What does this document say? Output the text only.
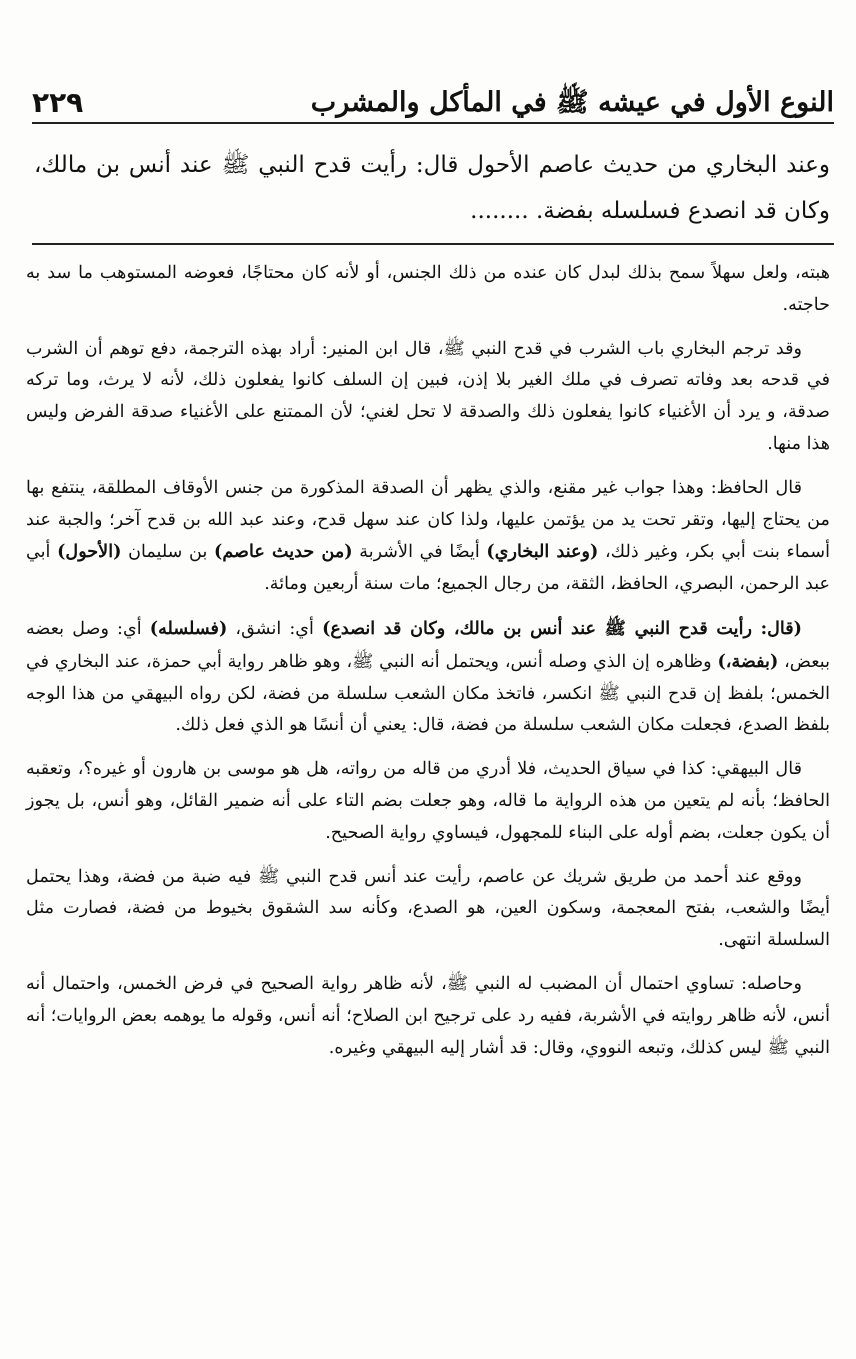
النوع الأول في عيشه ﷺ في المأكل والمشرب
٢٢٩

وعند البخاري من حديث عاصم الأحول قال: رأيت قدح النبي ﷺ عند أنس بن مالك، وكان قد انصدع فسلسله بفضة. ........

هبته، ولعل سهلاً سمح بذلك لبدل كان عنده من ذلك الجنس، أو لأنه كان محتاجًا، فعوضه المستوهب ما سد به حاجته.

وقد ترجم البخاري باب الشرب في قدح النبي ﷺ، قال ابن المنير: أراد بهذه الترجمة، دفع توهم أن الشرب في قدحه بعد وفاته تصرف في ملك الغير بلا إذن، فبين إن السلف كانوا يفعلون ذلك، لأنه لا يرث، وما تركه صدقة، و يرد أن الأغنياء كانوا يفعلون ذلك والصدقة لا تحل لغني؛ لأن الممتنع على الأغنياء صدقة الفرض وليس هذا منها.

قال الحافظ: وهذا جواب غير مقنع، والذي يظهر أن الصدقة المذكورة من جنس الأوقاف المطلقة، ينتفع بها من يحتاج إليها، وتقر تحت يد من يؤتمن عليها، ولذا كان عند سهل قدح، وعند عبد الله بن قدح آخر؛ والجبة عند أسماء بنت أبي بكر، وغير ذلك، (وعند البخاري) أيضًا في الأشربة (من حديث عاصم) بن سليمان (الأحول) أبي عبد الرحمن، البصري، الحافظ، الثقة، من رجال الجميع؛ مات سنة أربعين ومائة.

(قال: رأيت قدح النبي ﷺ عند أنس بن مالك، وكان قد انصدع) أي: انشق، (فسلسله) أي: وصل بعضه ببعض، (بفضة،) وظاهره إن الذي وصله أنس، ويحتمل أنه النبي ﷺ، وهو ظاهر رواية أبي حمزة، عند البخاري في الخمس؛ بلفظ إن قدح النبي ﷺ انكسر، فاتخذ مكان الشعب سلسلة من فضة، لكن رواه البيهقي من هذا الوجه بلفظ الصدع، فجعلت مكان الشعب سلسلة من فضة، قال: يعني أن أنسًا هو الذي فعل ذلك.

قال البيهقي: كذا في سياق الحديث، فلا أدري من قاله من رواته، هل هو موسى بن هارون أو غيره؟، وتعقبه الحافظ؛ بأنه لم يتعين من هذه الرواية ما قاله، وهو جعلت بضم التاء على أنه ضمير القائل، وهو أنس، بل يجوز أن يكون جعلت، بضم أوله على البناء للمجهول، فيساوي رواية الصحيح.

ووقع عند أحمد من طريق شريك عن عاصم، رأيت عند أنس قدح النبي ﷺ فيه ضبة من فضة، وهذا يحتمل أيضًا والشعب، بفتح المعجمة، وسكون العين، هو الصدع، وكأنه سد الشقوق بخيوط من فضة، فصارت مثل السلسلة انتهى.

وحاصله: تساوي احتمال أن المضبب له النبي ﷺ، لأنه ظاهر رواية الصحيح في فرض الخمس، واحتمال أنه أنس، لأنه ظاهر روايته في الأشربة، ففيه رد على ترجيح ابن الصلاح؛ أنه أنس، وقوله ما يوهمه بعض الروايات؛ أنه النبي ﷺ ليس كذلك، وتبعه النووي، وقال: قد أشار إليه البيهقي وغيره.
